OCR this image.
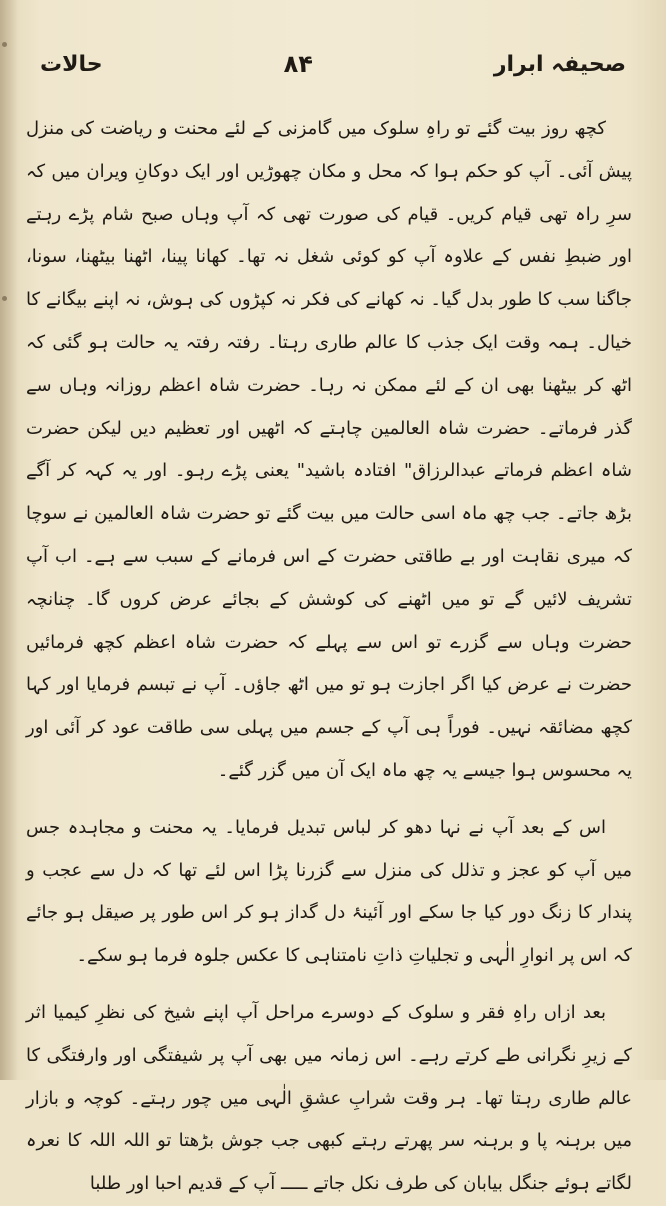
صحیفہ ابرار
۸۴
حالات

کچھ روز بیت گئے تو راہِ سلوک میں گامزنی کے لئے محنت و ریاضت کی منزل پیش آئی۔ آپ کو حکم ہوا کہ محل و مکان چھوڑیں اور ایک دوکانِ ویران میں کہ سرِ راہ تھی قیام کریں۔ قیام کی صورت تھی کہ آپ وہاں صبح شام پڑے رہتے اور ضبطِ نفس کے علاوہ آپ کو کوئی شغل نہ تھا۔ کھانا پینا، اٹھنا بیٹھنا، سونا، جاگنا سب کا طور بدل گیا۔ نہ کھانے کی فکر نہ کپڑوں کی ہوش، نہ اپنے بیگانے کا خیال۔ ہمہ وقت ایک جذب کا عالم طاری رہتا۔ رفتہ رفتہ یہ حالت ہو گئی کہ اٹھ کر بیٹھنا بھی ان کے لئے ممکن نہ رہا۔ حضرت شاہ اعظم روزانہ وہاں سے گذر فرماتے۔ حضرت شاہ العالمین چاہتے کہ اٹھیں اور تعظیم دیں لیکن حضرت شاہ اعظم فرماتے عبدالرزاق" افتادہ باشید" یعنی پڑے رہو۔ اور یہ کہہ کر آگے بڑھ جاتے۔ جب چھ ماہ اسی حالت میں بیت گئے تو حضرت شاہ العالمین نے سوچا کہ میری نقاہت اور بے طاقتی حضرت کے اس فرمانے کے سبب سے ہے۔ اب آپ تشریف لائیں گے تو میں اٹھنے کی کوشش کے بجائے عرض کروں گا۔ چنانچہ حضرت وہاں سے گزرے تو اس سے پہلے کہ حضرت شاہ اعظم کچھ فرمائیں حضرت نے عرض کیا اگر اجازت ہو تو میں اٹھ جاؤں۔ آپ نے تبسم فرمایا اور کہا کچھ مضائقہ نہیں۔ فوراً ہی آپ کے جسم میں پہلی سی طاقت عود کر آئی اور یہ محسوس ہوا جیسے یہ چھ ماہ ایک آن میں گزر گئے۔

اس کے بعد آپ نے نہا دھو کر لباس تبدیل فرمایا۔ یہ محنت و مجاہدہ جس میں آپ کو عجز و تذلل کی منزل سے گزرنا پڑا اس لئے تھا کہ دل سے عجب و پندار کا زنگ دور کیا جا سکے اور آئینۂ دل گداز ہو کر اس طور پر صیقل ہو جائے کہ اس پر انوارِ الٰہی و تجلیاتِ ذاتِ نامتناہی کا عکس جلوہ فرما ہو سکے۔

بعد ازاں راہِ فقر و سلوک کے دوسرے مراحل آپ اپنے شیخ کی نظرِ کیمیا اثر کے زیرِ نگرانی طے کرتے رہے۔ اس زمانہ میں بھی آپ پر شیفتگی اور وارفتگی کا عالم طاری رہتا تھا۔ ہر وقت شرابِ عشقِ الٰہی میں چور رہتے۔ کوچہ و بازار میں برہنہ پا و برہنہ سر پھرتے رہتے کبھی جب جوش بڑھتا تو اللہ اللہ کا نعرہ لگاتے ہوئے جنگل بیابان کی طرف نکل جاتے ـــــ آپ کے قدیم احبا اور طلبا
